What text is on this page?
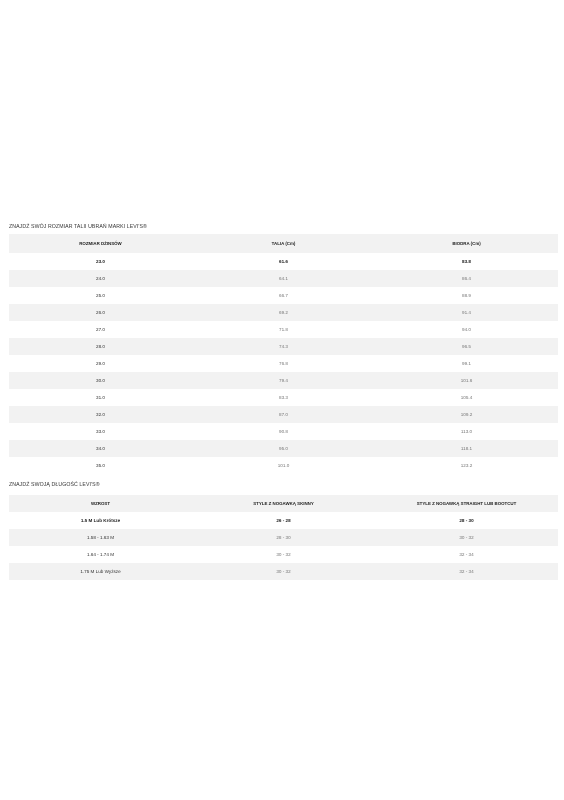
ZNAJDŹ SWÓJ ROZMIAR TALII UBRAŃ MARKI LEVI'S®
ROZMIAR DŻINSÓW	TALIA (Cm)	BIODRA (Cm)
23.0	61.6	83.8
24.0	64.1	86.4
25.0	66.7	88.9
26.0	69.2	91.4
27.0	71.8	94.0
28.0	74.3	96.5
29.0	76.8	99.1
30.0	79.4	101.6
31.0	83.3	105.4
32.0	87.0	109.2
33.0	90.8	113.0
34.0	95.0	118.1
35.0	101.0	123.2
ZNAJDŹ SWOJĄ DŁUGOŚĆ LEVI'S®
WZROST	STYLE Z NOGAWKĄ SKINNY	STYLE Z NOGAWKĄ STRAIGHT LUB BOOTCUT
1.5 M Lub Krótsze	26 - 28	28 - 30
1.58 - 1.63 M	28 - 30	30 - 32
1.64 - 1.74 M	30 - 32	32 - 34
1.75 M Lub Wyższe	30 - 32	32 - 34
